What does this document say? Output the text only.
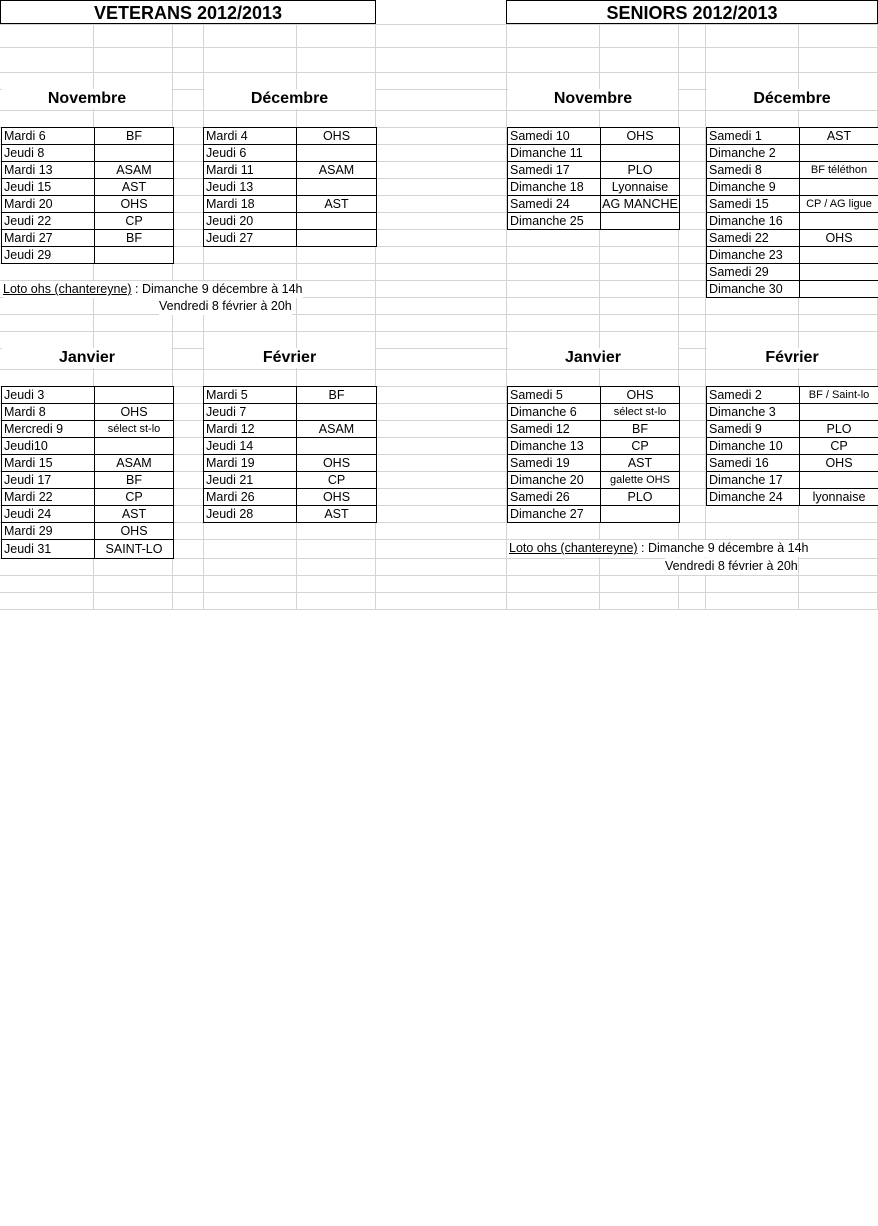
VETERANS 2012/2013	SENIORS 2012/2013
Novembre	Décembre
Janvier	Février
Novembre	Décembre
Janvier	Février
Mardi 6	BF
Jeudi 8	
Mardi 13	ASAM
Jeudi 15	AST
Mardi 20	OHS
Jeudi 22	CP
Mardi 27	BF
Jeudi 29	
Mardi 4	OHS
Jeudi 6	
Mardi 11	ASAM
Jeudi 13	
Mardi 18	AST
Jeudi 20	
Jeudi 27	
Jeudi 3	
Mardi 8	OHS
Mercredi 9	sélect st-lo
Jeudi10	
Mardi 15	ASAM
Jeudi 17	BF
Mardi 22	CP
Jeudi 24	AST
Mardi 29	OHS
Jeudi 31	SAINT-LO
Mardi 5	BF
Jeudi 7	
Mardi 12	ASAM
Jeudi 14	
Mardi 19	OHS
Jeudi 21	CP
Mardi 26	OHS
Jeudi 28	AST
Samedi 10	OHS
Dimanche 11	
Samedi 17	PLO
Dimanche 18	Lyonnaise
Samedi 24	AG MANCHE
Dimanche 25	
Samedi 1	AST
Dimanche 2	
Samedi 8	BF téléthon
Dimanche 9	
Samedi 15	CP / AG ligue
Dimanche 16	
Samedi 22	OHS
Dimanche 23	
Samedi 29	
Dimanche 30	
Samedi 5	OHS
Dimanche 6	sélect st-lo
Samedi 12	BF
Dimanche 13	CP
Samedi 19	AST
Dimanche 20	galette OHS
Samedi 26	PLO
Dimanche 27	
Samedi 2	BF / Saint-lo
Dimanche 3	
Samedi 9	PLO
Dimanche 10	CP
Samedi 16	OHS
Dimanche 17	
Dimanche 24	lyonnaise
Loto ohs (chantereyne) : Dimanche 9 décembre à 14h
Vendredi 8 février à 20h
Loto ohs (chantereyne) : Dimanche 9 décembre à 14h
Vendredi 8 février à 20h
